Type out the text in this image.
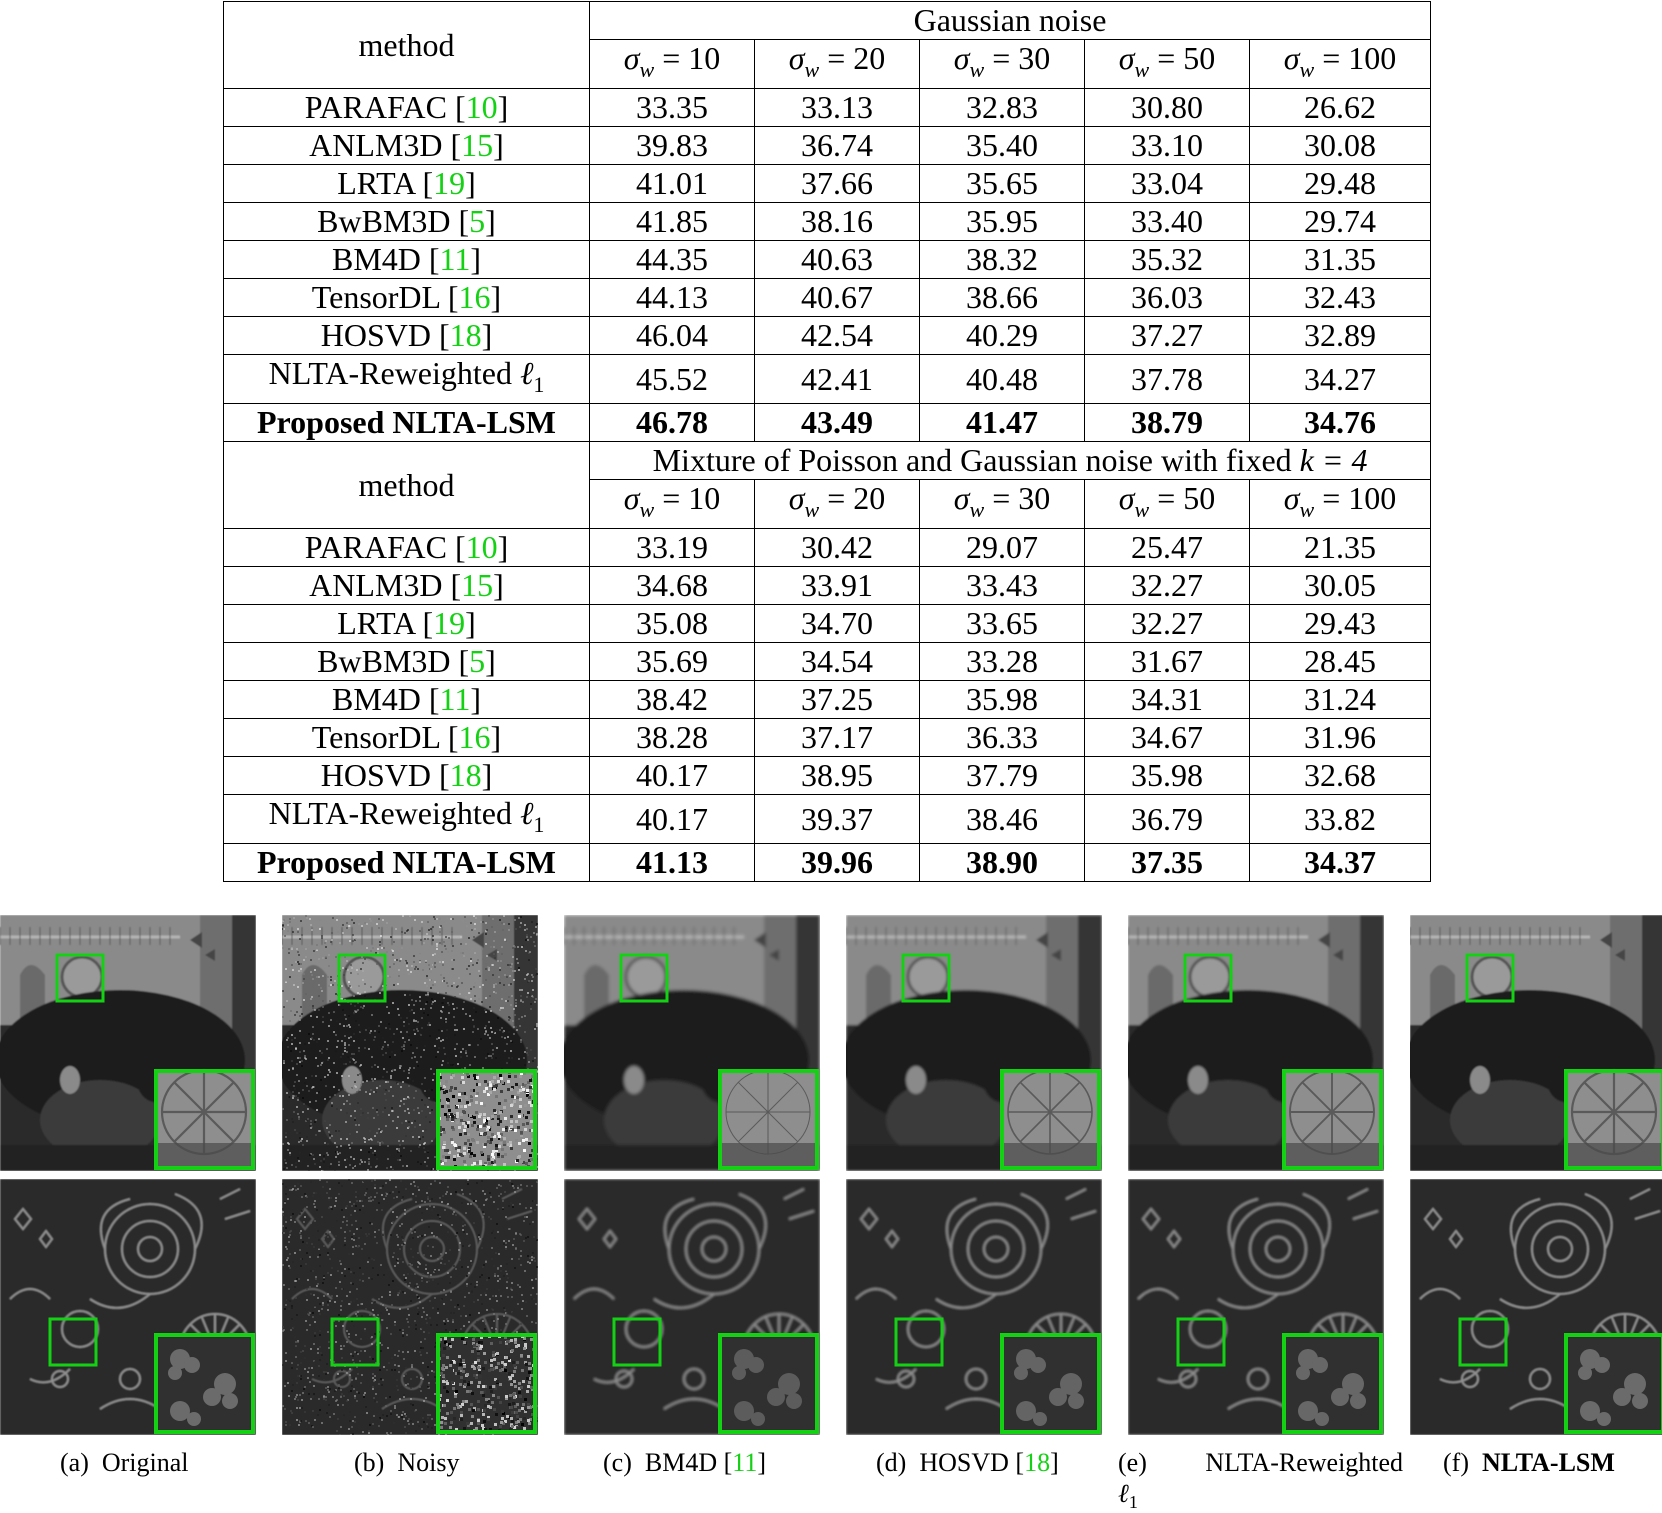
method	Gaussian noise				
	$\sigma_w = 10$	$\sigma_w = 20$	$\sigma_w = 30$	$\sigma_w = 50$	$\sigma_w = 100$
PARAFAC [10]	33.35	33.13	32.83	30.80	26.62
ANLM3D [15]	39.83	36.74	35.40	33.10	30.08
LRTA [19]	41.01	37.66	35.65	33.04	29.48
BwBM3D [5]	41.85	38.16	35.95	33.40	29.74
BM4D [11]	44.35	40.63	38.32	35.32	31.35
TensorDL [16]	44.13	40.67	38.66	36.03	32.43
HOSVD [18]	46.04	42.54	40.29	37.27	32.89
NLTA-Reweighted ℓ$_1$	45.52	42.41	40.48	37.78	34.27
Proposed NLTA-LSM	46.78	43.49	41.47	38.79	34.76
method	Mixture of Poisson and Gaussian noise with fixed k = 4				
	$\sigma_w = 10$	$\sigma_w = 20$	$\sigma_w = 30$	$\sigma_w = 50$	$\sigma_w = 100$
PARAFAC [10]	33.19	30.42	29.07	25.47	21.35
ANLM3D [15]	34.68	33.91	33.43	32.27	30.05
LRTA [19]	35.08	34.70	33.65	32.27	29.43
BwBM3D [5]	35.69	34.54	33.28	31.67	28.45
BM4D [11]	38.42	37.25	35.98	34.31	31.24
TensorDL [16]	38.28	37.17	36.33	34.67	31.96
HOSVD [18]	40.17	38.95	37.79	35.98	32.68
NLTA-Reweighted ℓ$_1$	40.17	39.37	38.46	36.79	33.82
Proposed NLTA-LSM	41.13	39.96	38.90	37.35	34.37
(a) Original	(b) Noisy	(c) BM4D [11]	(d) HOSVD [18] (e) NLTA-Reweighted
ℓ$_1$
(f) NLTA-LSM
